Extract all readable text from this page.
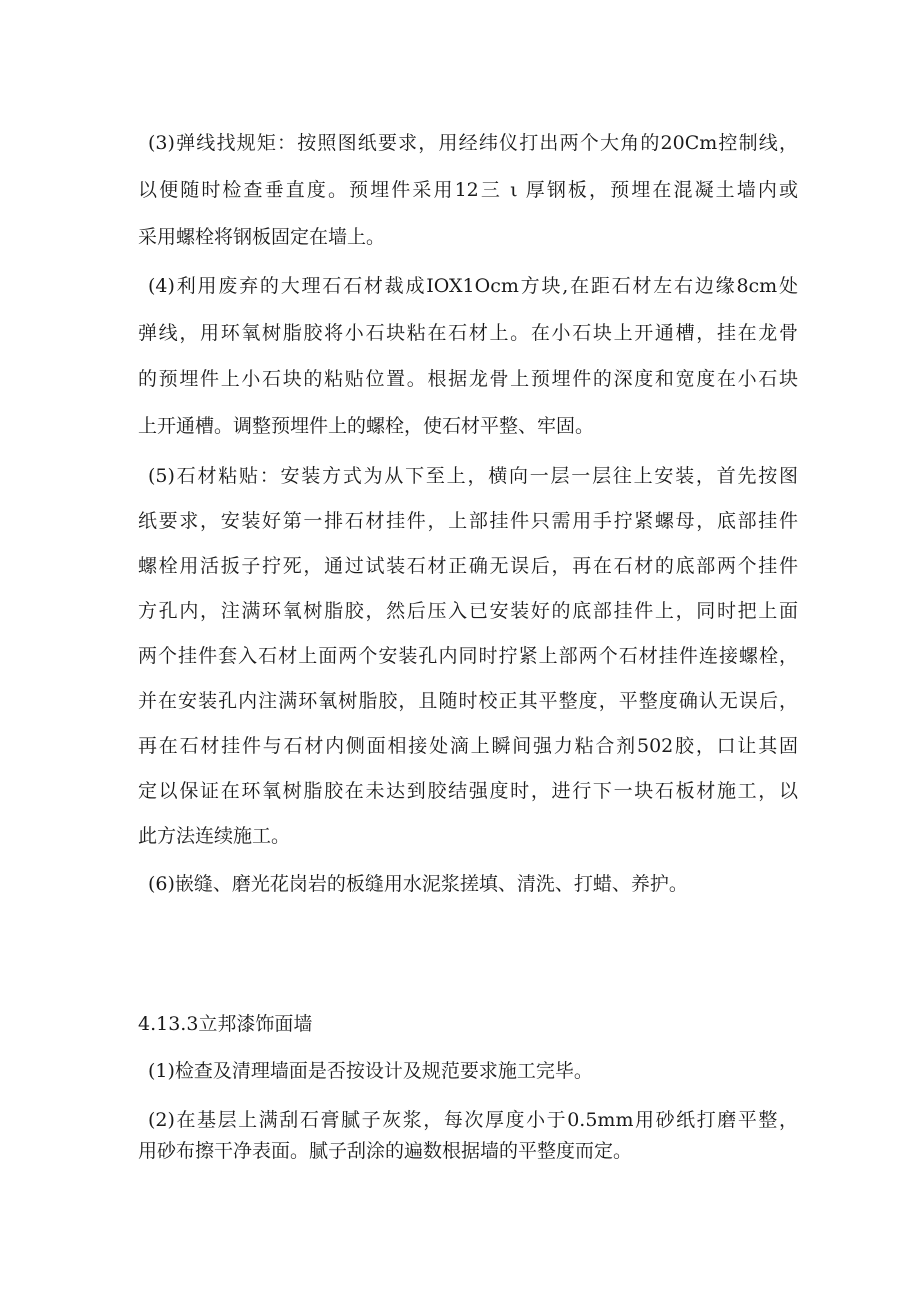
(3)弹线找规矩：按照图纸要求，用经纬仪打出两个大角的20Cm控制线，

以便随时检查垂直度。预埋件采用12三 ι 厚钢板，预埋在混凝土墙内或

采用螺栓将钢板固定在墙上。

(4)利用废弃的大理石石材裁成IOX1Ocm方块,在距石材左右边缘8cm处

弹线，用环氧树脂胶将小石块粘在石材上。在小石块上开通槽，挂在龙骨

的预埋件上小石块的粘贴位置。根据龙骨上预埋件的深度和宽度在小石块

上开通槽。调整预埋件上的螺栓，使石材平整、牢固。

(5)石材粘贴：安装方式为从下至上，横向一层一层往上安装，首先按图

纸要求，安装好第一排石材挂件，上部挂件只需用手拧紧螺母，底部挂件

螺栓用活扳子拧死，通过试装石材正确无误后，再在石材的底部两个挂件

方孔内，注满环氧树脂胶，然后压入已安装好的底部挂件上，同时把上面

两个挂件套入石材上面两个安装孔内同时拧紧上部两个石材挂件连接螺栓，

并在安装孔内注满环氧树脂胶，且随时校正其平整度，平整度确认无误后，

再在石材挂件与石材内侧面相接处滴上瞬间强力粘合剂502胶，口让其固

定以保证在环氧树脂胶在未达到胶结强度时，进行下一块石板材施工，以

此方法连续施工。

(6)嵌缝、磨光花岗岩的板缝用水泥浆搓填、清洗、打蜡、养护。

4.13.3立邦漆饰面墙

(1)检查及清理墙面是否按设计及规范要求施工完毕。

(2)在基层上满刮石膏腻子灰浆，每次厚度小于0.5mm用砂纸打磨平整，

用砂布擦干净表面。腻子刮涂的遍数根据墙的平整度而定。
